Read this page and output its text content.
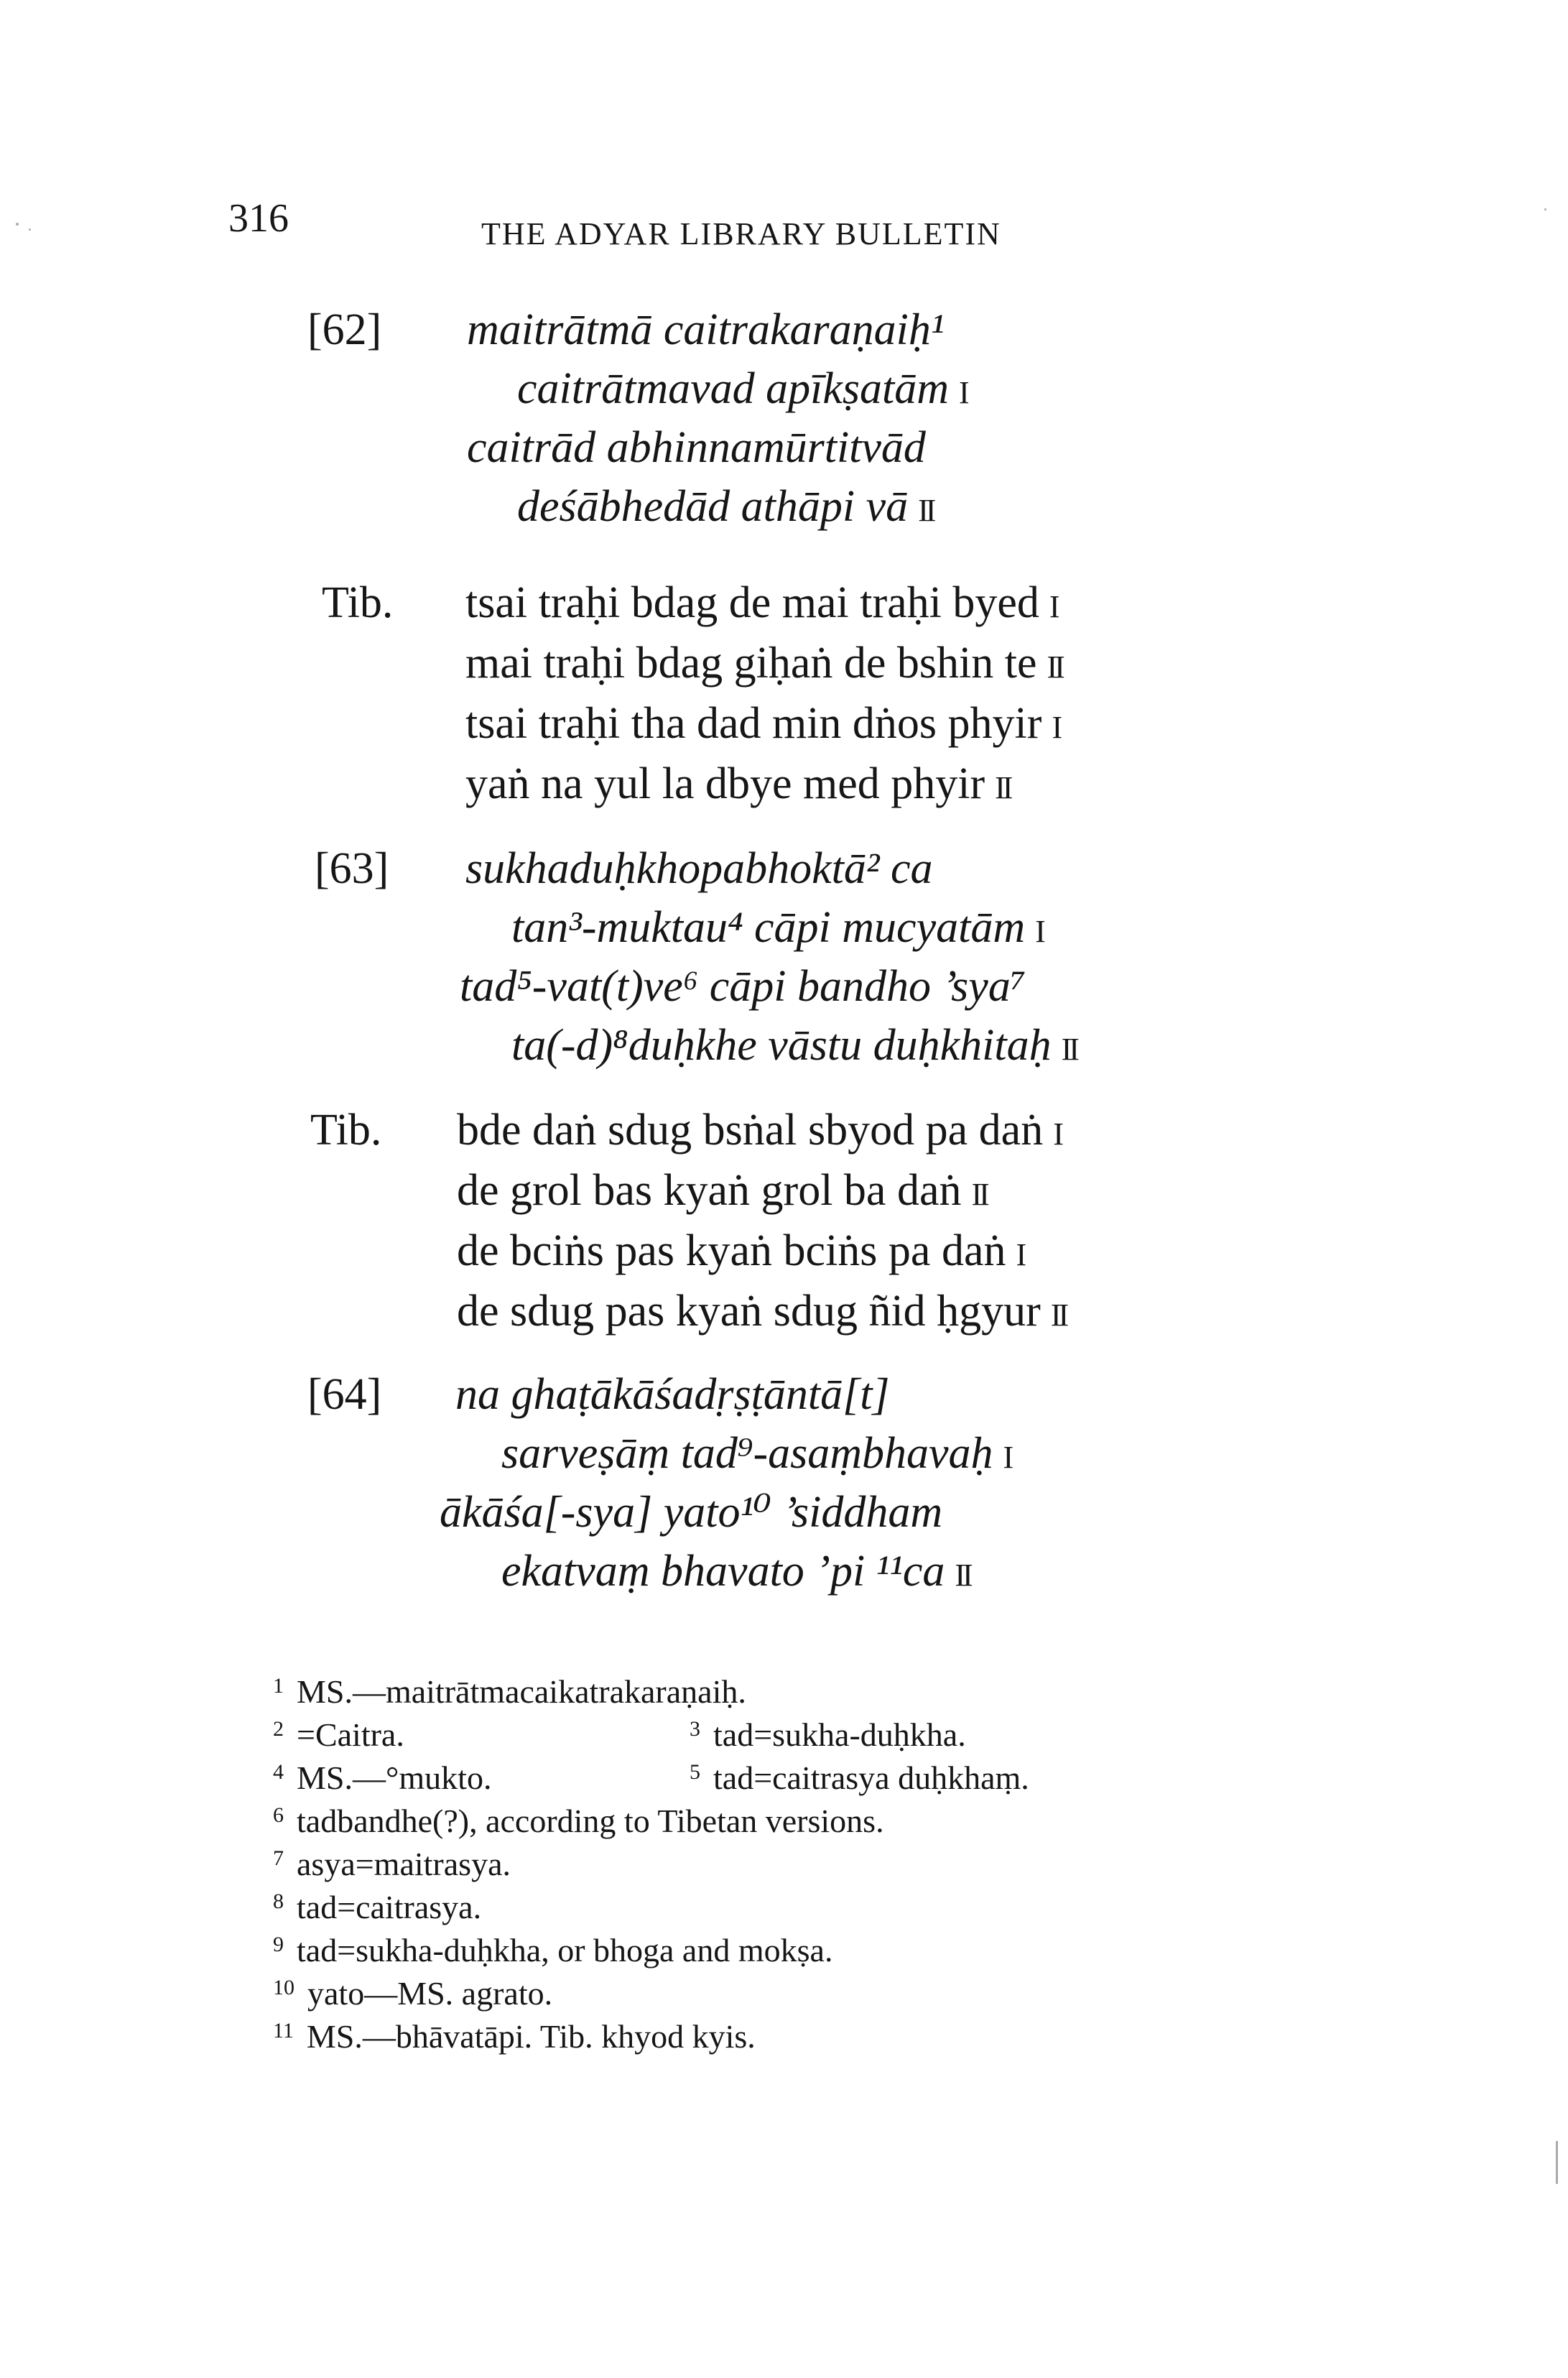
316	THE ADYAR LIBRARY BULLETIN
[62] maitrātmā caitrakaraṇaiḥ¹
caitrātmavad apīkṣatām I
caitrād abhinnamūrtitvād
deśābhedād athāpi vā II
Tib. tsai traḥi bdag de mai traḥi byed I
mai traḥi bdag giḥaṅ de bshin te II
tsai traḥi tha dad min dṅos phyir I
yaṅ na yul la dbye med phyir II
[63] sukhaduḥkhopabhoktā² ca
tan³-muktau⁴ cāpi mucyatām I
tad⁵-vat(t)ve⁶ cāpi bandho ’sya⁷
ta(-d)⁸duḥkhe vāstu duḥkhitaḥ II
Tib. bde daṅ sdug bsṅal sbyod pa daṅ I
de grol bas kyaṅ grol ba daṅ II
de bciṅs pas kyaṅ bciṅs pa daṅ I
de sdug pas kyaṅ sdug ñid ḥgyur II
[64] na ghaṭākāśadṛṣṭāntā[t]
sarveṣāṃ tad⁹-asaṃbhavaḥ I
ākāśa[-sya] yato¹⁰ ’siddham
ekatvaṃ bhavato ’pi ¹¹ca II
1 MS.—maitrātmacaikatrakaraṇaiḥ.
2 =Caitra.	3 tad=sukha-duḥkha.
4 MS.—°mukto.	5 tad=caitrasya duḥkhaṃ.
6 tadbandhe(?), according to Tibetan versions.
7 asya=maitrasya.
8 tad=caitrasya.
9 tad=sukha-duḥkha, or bhoga and mokṣa.
10 yato—MS. agrato.
11 MS.—bhāvatāpi. Tib. khyod kyis.
